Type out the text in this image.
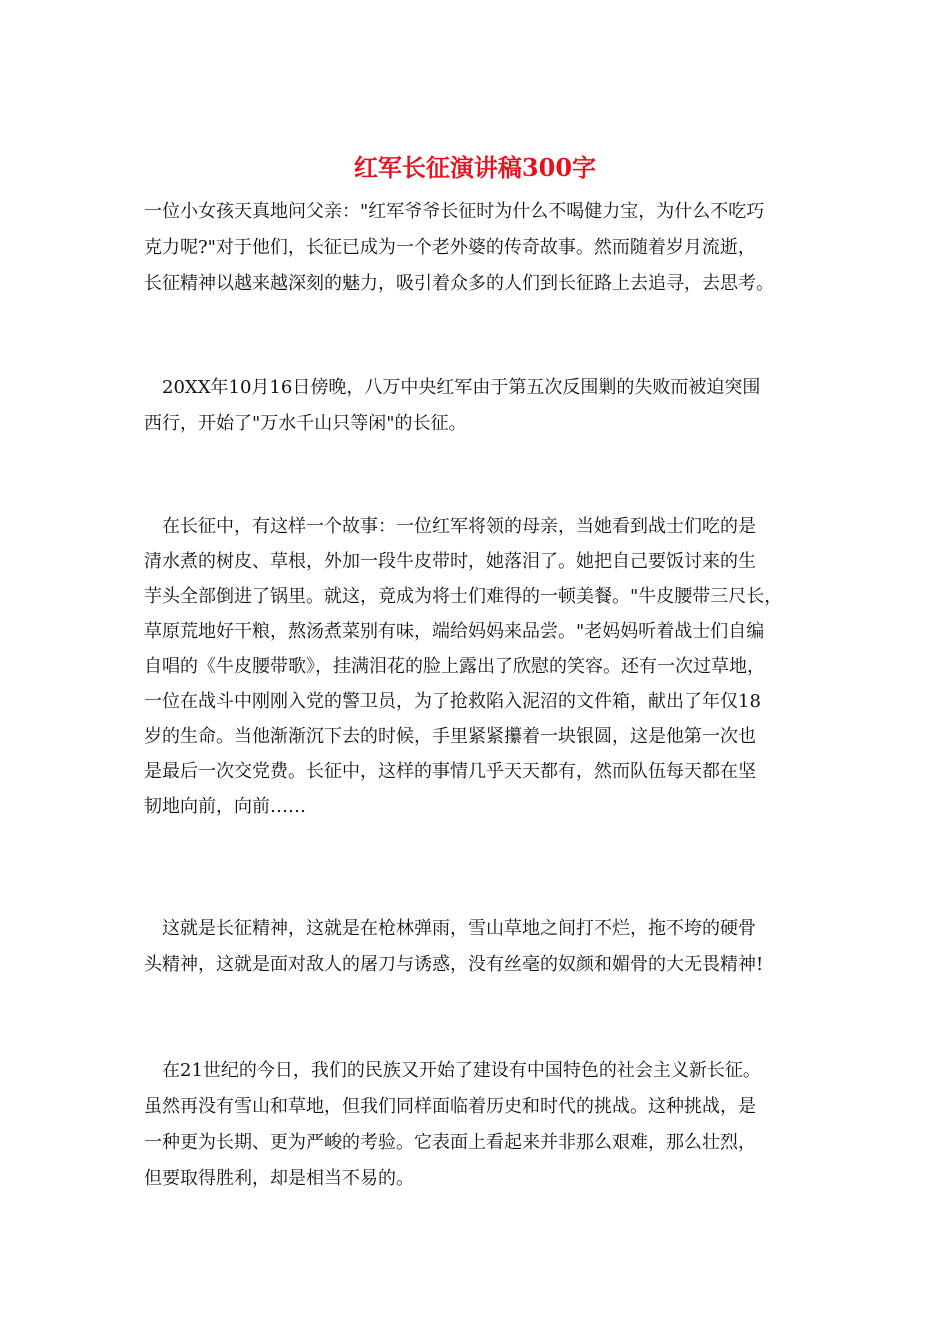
红军长征演讲稿300字
一位小女孩天真地问父亲："红军爷爷长征时为什么不喝健力宝，为什么不吃巧
克力呢?"对于他们，长征已成为一个老外婆的传奇故事。然而随着岁月流逝，
长征精神以越来越深刻的魅力，吸引着众多的人们到长征路上去追寻，去思考。
　20XX年10月16日傍晚，八万中央红军由于第五次反围剿的失败而被迫突围
西行，开始了"万水千山只等闲"的长征。
　在长征中，有这样一个故事：一位红军将领的母亲，当她看到战士们吃的是
清水煮的树皮、草根，外加一段牛皮带时，她落泪了。她把自己要饭讨来的生
芋头全部倒进了锅里。就这，竟成为将士们难得的一顿美餐。"牛皮腰带三尺长，
草原荒地好干粮，熬汤煮菜别有味，端给妈妈来品尝。"老妈妈听着战士们自编
自唱的《牛皮腰带歌》，挂满泪花的脸上露出了欣慰的笑容。还有一次过草地，
一位在战斗中刚刚入党的警卫员，为了抢救陷入泥沼的文件箱，献出了年仅18
岁的生命。当他渐渐沉下去的时候，手里紧紧攥着一块银圆，这是他第一次也
是最后一次交党费。长征中，这样的事情几乎天天都有，然而队伍每天都在坚
韧地向前，向前……
　这就是长征精神，这就是在枪林弹雨，雪山草地之间打不烂，拖不垮的硬骨
头精神，这就是面对敌人的屠刀与诱惑，没有丝毫的奴颜和媚骨的大无畏精神!
　在21世纪的今日，我们的民族又开始了建设有中国特色的社会主义新长征。
虽然再没有雪山和草地，但我们同样面临着历史和时代的挑战。这种挑战，是
一种更为长期、更为严峻的考验。它表面上看起来并非那么艰难，那么壮烈，
但要取得胜利，却是相当不易的。
